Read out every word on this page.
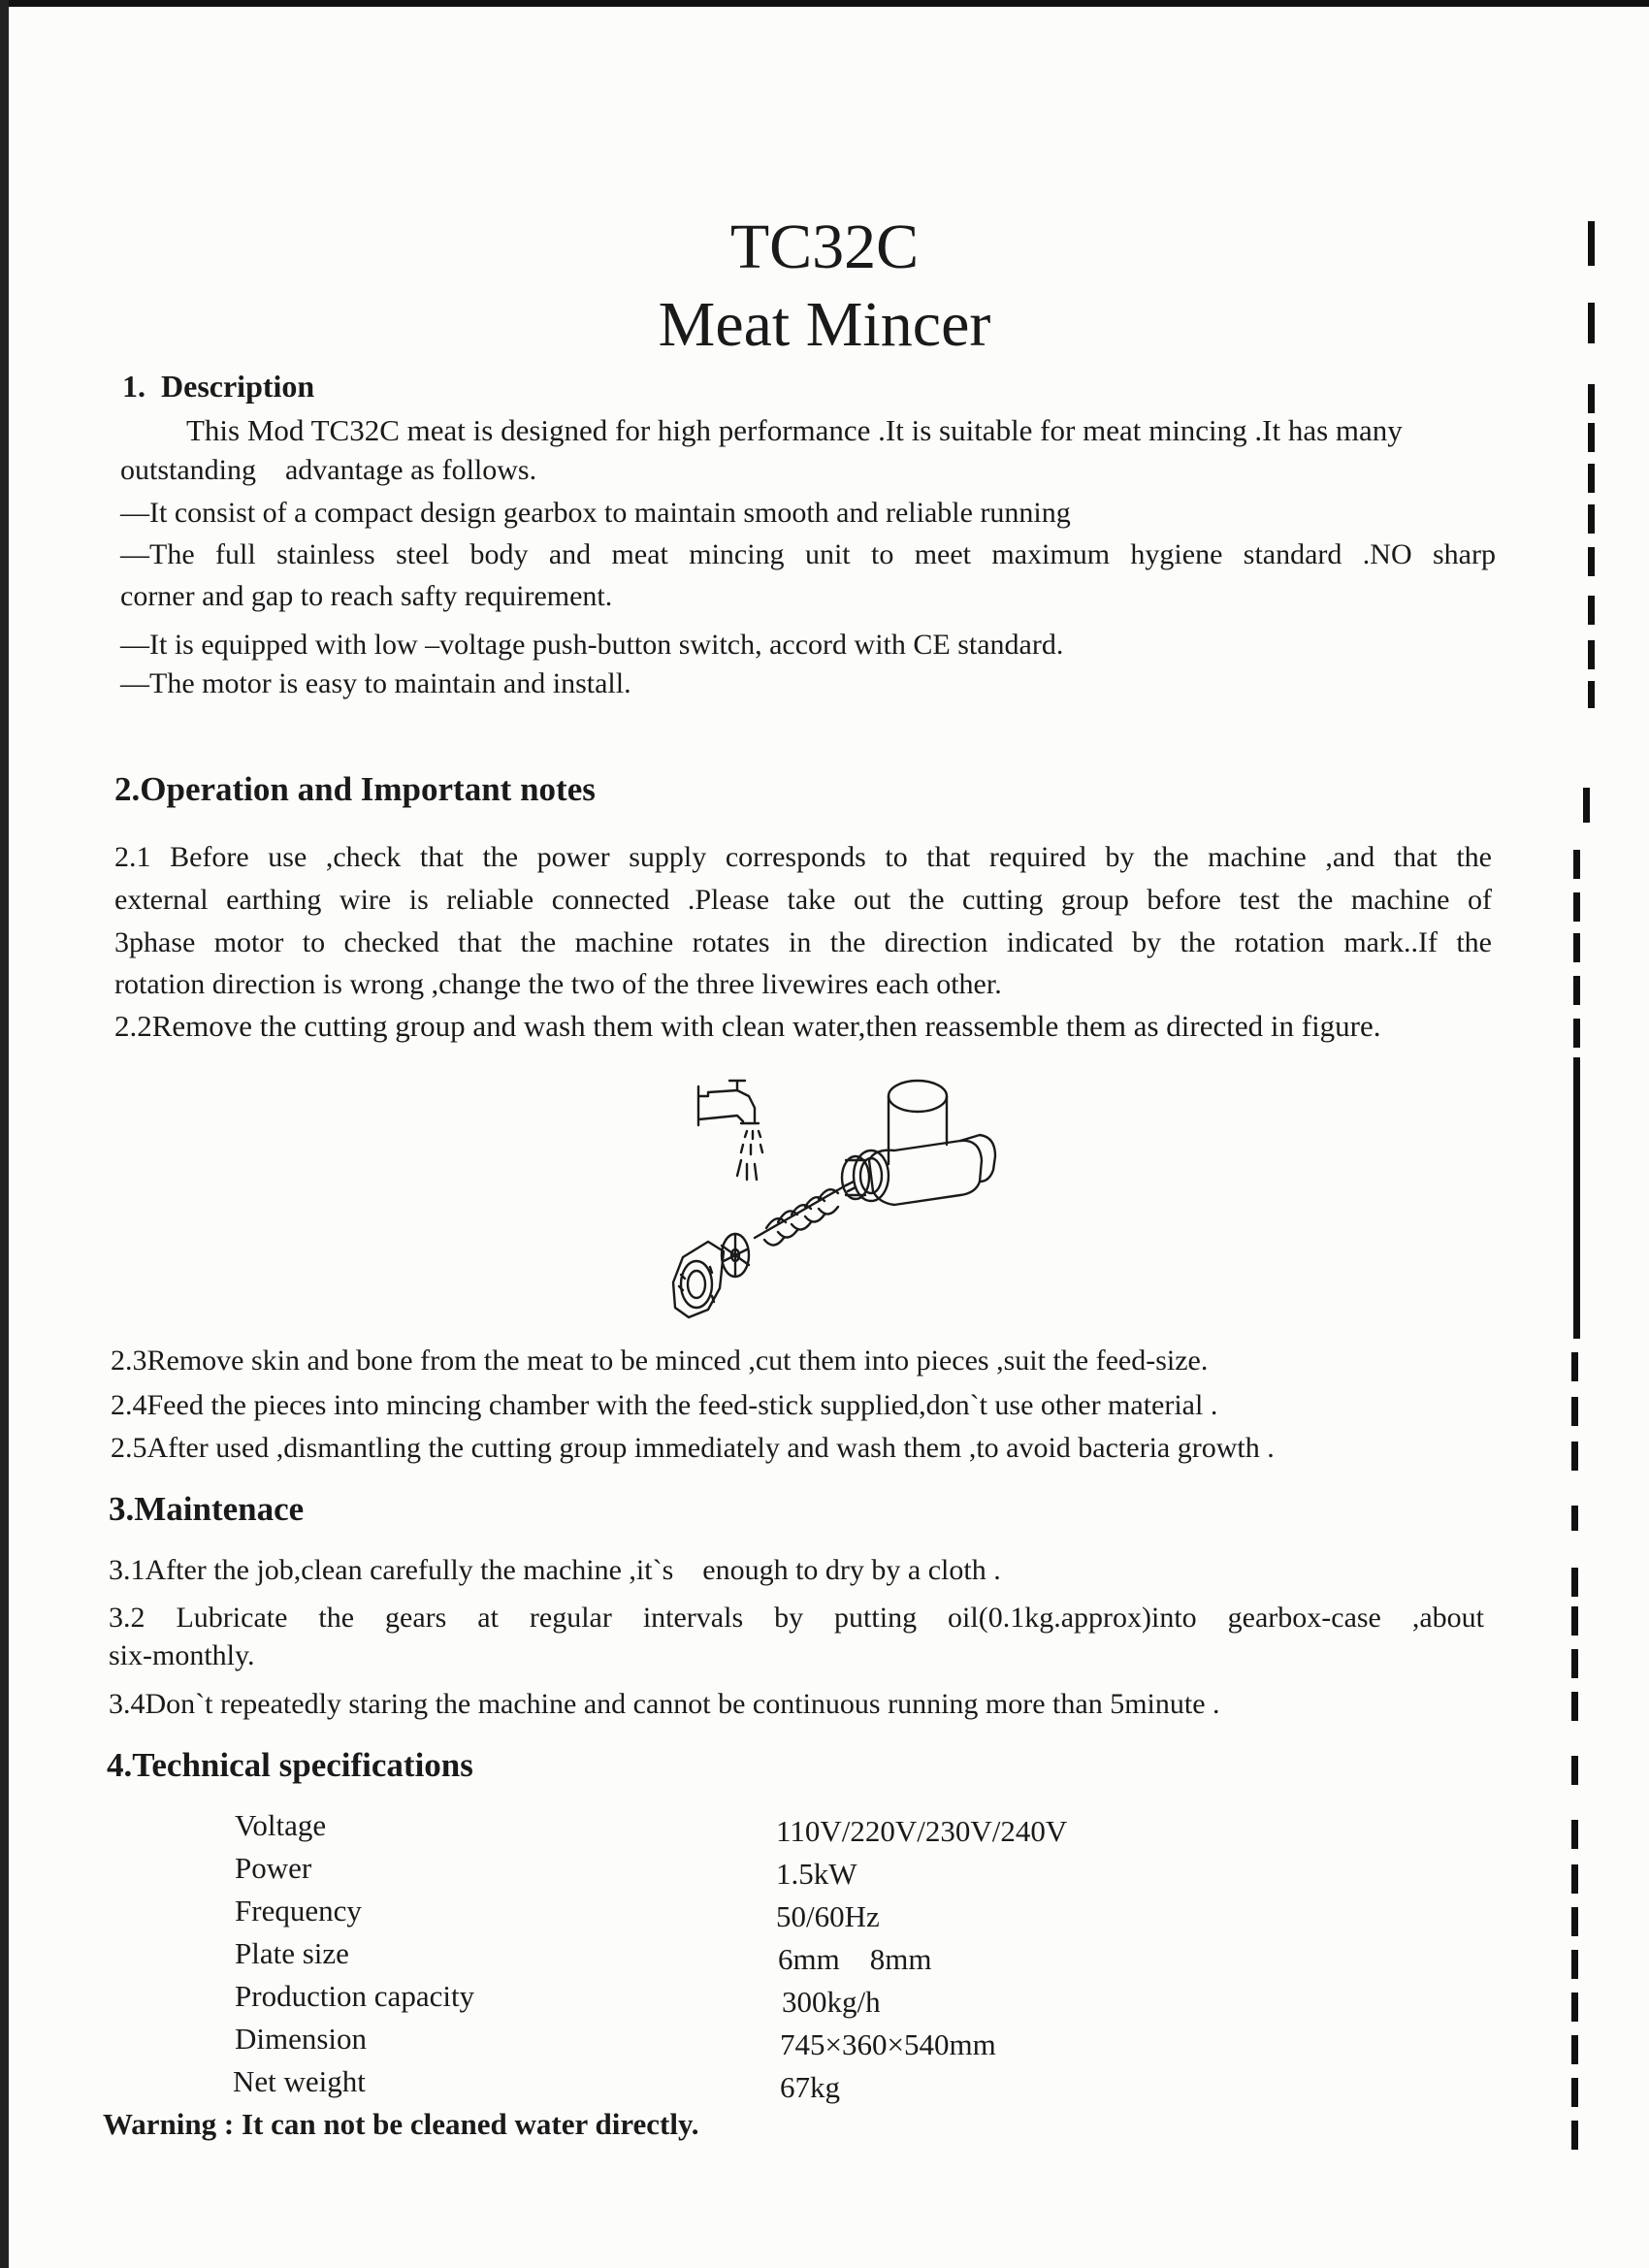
TC32C
Meat Mincer
1. Description
This Mod TC32C meat is designed for high performance .It is suitable for meat mincing .It has many
outstanding    advantage as follows.
—It consist of a compact design gearbox to maintain smooth and reliable running
—The full stainless steel body and meat mincing unit to meet maximum hygiene standard .NO sharp
corner and gap to reach safty requirement.
—It is equipped with low –voltage push-button switch, accord with CE standard.
—The motor is easy to maintain and install.
2.Operation and Important notes
2.1 Before use ,check that the power supply corresponds to that required by the machine ,and that the
external earthing wire is reliable connected .Please take out the cutting group before test the machine of
3phase motor to checked that the machine rotates in the direction indicated by the rotation mark..If the
rotation direction is wrong ,change the two of the three livewires each other.
2.2Remove the cutting group and wash them with clean water,then reassemble them as directed in figure.
2.3Remove skin and bone from the meat to be minced ,cut them into pieces ,suit the feed-size.
2.4Feed the pieces into mincing chamber with the feed-stick supplied,don`t use other material .
2.5After used ,dismantling the cutting group immediately and wash them ,to avoid bacteria growth .
3.Maintenace
3.1After the job,clean carefully the machine ,it`s    enough to dry by a cloth .
3.2 Lubricate the gears at regular intervals by putting oil(0.1kg.approx)into gearbox-case ,about
six-monthly.
3.4Don`t repeatedly staring the machine and cannot be continuous running more than 5minute .
4.Technical specifications
Voltage	110V/220V/230V/240V
Power	1.5kW
Frequency	50/60Hz
Plate size	6mm    8mm
Production capacity	300kg/h
Dimension	745×360×540mm
Net weight	67kg
Warning : It can not be cleaned water directly.
